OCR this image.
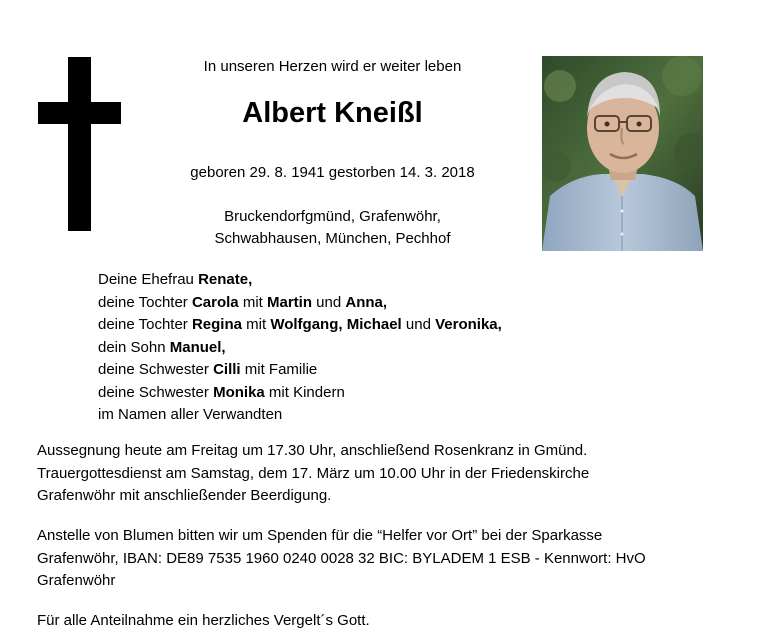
In unseren Herzen wird er weiter leben
Albert Kneißl
geboren 29. 8. 1941 gestorben 14. 3. 2018
Bruckendorfgmünd, Grafenwöhr,
Schwabhausen, München, Pechhof
Deine Ehefrau Renate,
deine Tochter Carola mit Martin und Anna,
deine Tochter Regina mit Wolfgang, Michael und Veronika,
dein Sohn Manuel,
deine Schwester Cilli mit Familie
deine Schwester Monika mit Kindern
im Namen aller Verwandten
Aussegnung heute am Freitag um 17.30 Uhr, anschließend Rosenkranz in Gmünd.
Trauergottesdienst am Samstag, dem 17. März um 10.00 Uhr in der Friedenskirche
Grafenwöhr mit anschließender Beerdigung.
Anstelle von Blumen bitten wir um Spenden für die “Helfer vor Ort” bei der Sparkasse
Grafenwöhr, IBAN: DE89 7535 1960 0240 0028 32 BIC: BYLADEM 1 ESB - Kennwort: HvO
Grafenwöhr
Für alle Anteilnahme ein herzliches Vergelt´s Gott.
